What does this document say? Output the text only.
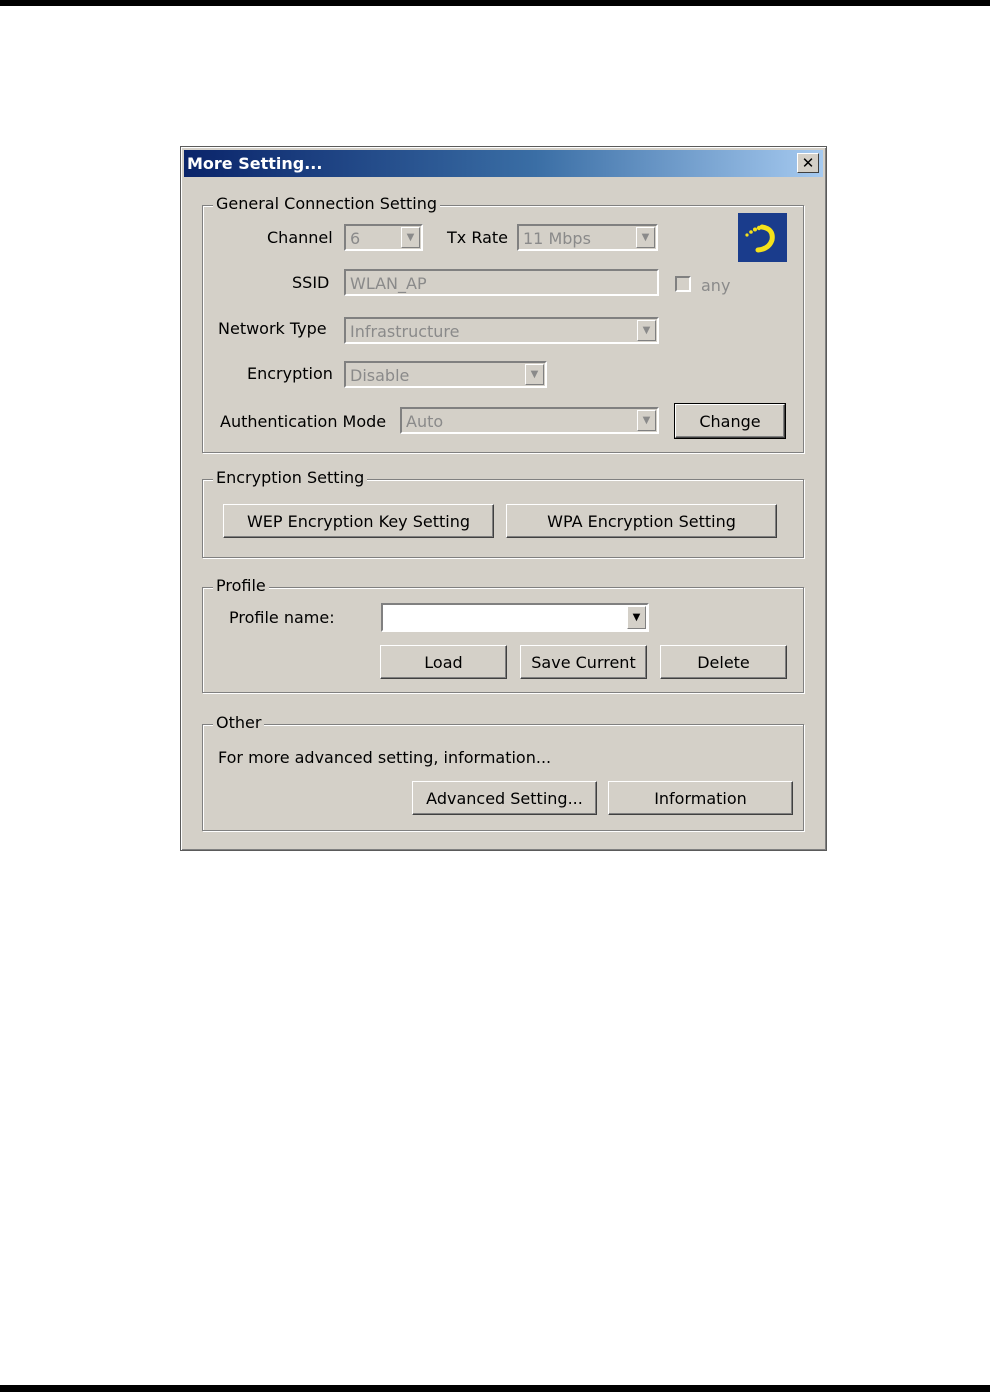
More Setting...	✕
General Connection Setting
Channel 6	▼	Tx Rate 11 Mbps	▼
SSID WLAN_AP	any
Network Type Infrastructure	▼
Encryption Disable	▼
Authentication Mode Auto	▼	Change
Encryption Setting
WEP Encryption Key Setting	WPA Encryption Setting
Profile
Profile name:	▼
Load	Save Current	Delete
Other
For more advanced setting, information...
Advanced Setting...	Information
